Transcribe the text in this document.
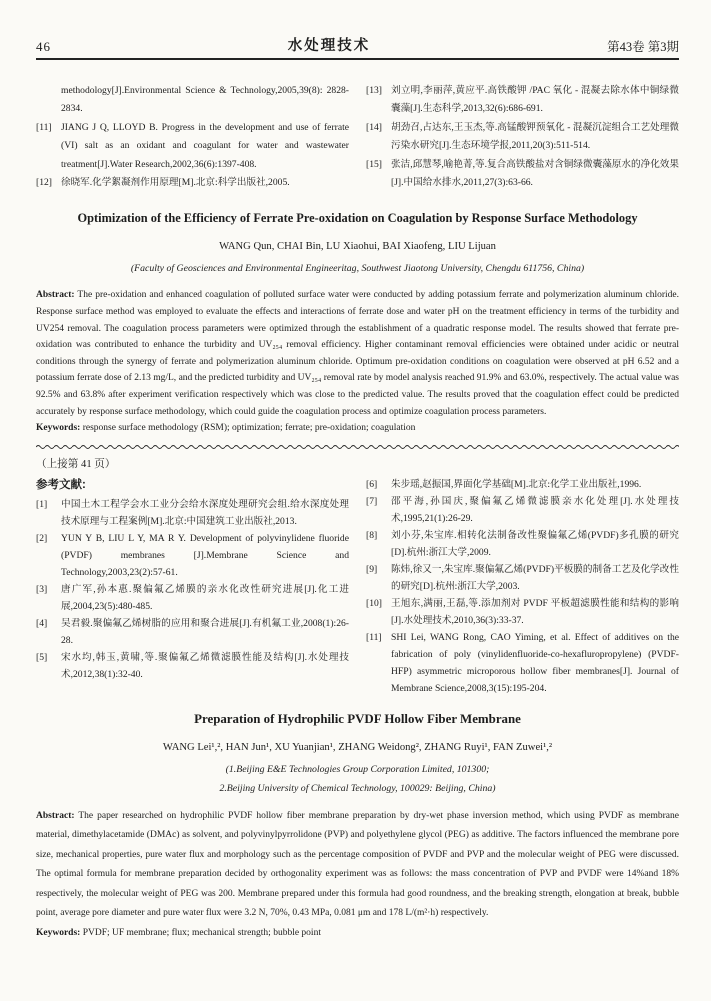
46	水处理技术	第43卷 第3期
methodology[J].Environmental Science & Technology,2005,39(8): 2828-2834.
[11] JIANG J Q, LLOYD B. Progress in the development and use of ferrate (VI) salt as an oxidant and coagulant for water and wastewater treatment[J].Water Research,2002,36(6):1397-408.
[12] 徐晓军.化学絮凝剂作用原理[M].北京:科学出版社,2005.
[13] 刘立明,李丽萍,黄应平.高铁酸钾 /PAC 氧化 - 混凝去除水体中铜绿微囊藻[J].生态科学,2013,32(6):686-691.
[14] 胡劲召,占达东,王玉杰,等.高锰酸钾预氧化 - 混凝沉淀组合工艺处理微污染水研究[J].生态环境学报,2011,20(3):511-514.
[15] 张洁,邱慧琴,喻艳菁,等.复合高铁酸盐对含铜绿微囊藻原水的净化效果[J].中国给水排水,2011,27(3):63-66.
Optimization of the Efficiency of Ferrate Pre-oxidation on Coagulation by Response Surface Methodology
WANG Qun, CHAI Bin, LU Xiaohui, BAI Xiaofeng, LIU Lijuan
(Faculty of Geosciences and Environmental Engineeritag, Southwest Jiaotong University, Chengdu 611756, China)

Abstract: The pre-oxidation and enhanced coagulation of polluted surface water were conducted by adding potassium ferrate and polymerization aluminum chloride. Response surface method was employed to evaluate the effects and interactions of ferrate dose and water pH on the treatment efficiency in terms of the turbidity and UV254 removal. The coagulation process parameters were optimized through the establishment of a quadratic response model. The results showed that ferrate pre-oxidation was contributed to enhance the turbidity and UV₂₅₄ removal efficiency. Higher contaminant removal efficiencies were obtained under acidic or neutral conditions through the synergy of ferrate and polymerization aluminum chloride. Optimum pre-oxidation conditions on coagulation were observed at pH 6.52 and a potassium ferrate dose of 2.13 mg/L, and the predicted turbidity and UV₂₅₄ removal rate by model analysis reached 91.9% and 63.0%, respectively. The actual value was 92.5% and 63.8% after experiment verification respectively which was close to the predicted value. The results proved that the coagulation effect could be predicted accurately by response surface methodology, which could guide the coagulation process and optimize coagulation process parameters.

Keywords: response surface methodology (RSM); optimization; ferrate; pre-oxidation; coagulation

（上接第 41 页）
参考文献:
[1]	中国土木工程学会水工业分会给水深度处理研究会组.给水深度处理技术原理与工程案例[M].北京:中国建筑工业出版社,2013.
[2]	YUN Y B, LIU L Y, MA R Y. Development of polyvinylidene fluoride (PVDF) membranes [J].Membrane Science and Technology,2003,23(2):57-61.
[3]	唐广军,孙本惠.聚偏氟乙烯膜的亲水化改性研究进展[J].化工进展,2004,23(5):480-485.
[4]	吴君毅.聚偏氟乙烯树脂的应用和聚合进展[J].有机氟工业,2008(1):26-28.
[5]	宋水均,韩玉,黄啸,等.聚偏氟乙烯微滤膜性能及结构[J].水处理技术,2012,38(1):32-40.
[6]	朱步瑶,赵振国,界面化学基础[M].北京:化学工业出版社,1996.
[7]	邵平海,孙国庆,聚偏氟乙烯微滤膜亲水化处理[J].水处理技术,1995,21(1):26-29.
[8]	刘小芬,朱宝库.相转化法制备改性聚偏氟乙烯(PVDF)多孔膜的研究[D].杭州:浙江大学,2009.
[9]	陈炜,徐又一,朱宝库.聚偏氟乙烯(PVDF)平板膜的制备工艺及化学改性的研究[D].杭州:浙江大学,2003.
[10] 王旭东,满丽,王磊,等.添加剂对 PVDF 平板超滤膜性能和结构的影响[J].水处理技术,2010,36(3):33-37.
[11] SHI Lei, WANG Rong, CAO Yiming, et al. Effect of additives on the fabrication of poly (vinylidenfluoride-co-hexafluropropylene) (PVDF-HFP) asymmetric microporous hollow fiber membranes[J]. Journal of Membrane Science,2008,3(15):195-204.
Preparation of Hydrophilic PVDF Hollow Fiber Membrane
WANG Lei¹,², HAN Jun¹, XU Yuanjian¹, ZHANG Weidong², ZHANG Ruyi¹, FAN Zuwei¹,²
(1.Beijing E&E Technologies Group Corporation Limited, 101300;
2.Beijing University of Chemical Technology, 100029: Beijing, China)

Abstract: The paper researched on hydrophilic PVDF hollow fiber membrane preparation by dry-wet phase inversion method, which using PVDF as membrane material, dimethylacetamide (DMAc) as solvent, and polyvinylpyrrolidone (PVP) and polyethylene glycol (PEG) as additive. The factors influenced the membrane pore size, mechanical properties, pure water flux and morphology such as the percentage composition of PVDF and PVP and the molecular weight of PEG were discussed. The optimal formula for membrane preparation decided by orthogonality experiment was as follows: the mass concentration of PVP and PVDF were 14%and 18% respectively, the molecular weight of PEG was 200. Membrane prepared under this formula had good roundness, and the breaking strength, elongation at break, bubble point, average pore diameter and pure water flux were 3.2 N, 70%, 0.43 MPa, 0.081 μm and 178 L/(m²·h) respectively.

Keywords: PVDF; UF membrane; flux; mechanical strength; bubble point
